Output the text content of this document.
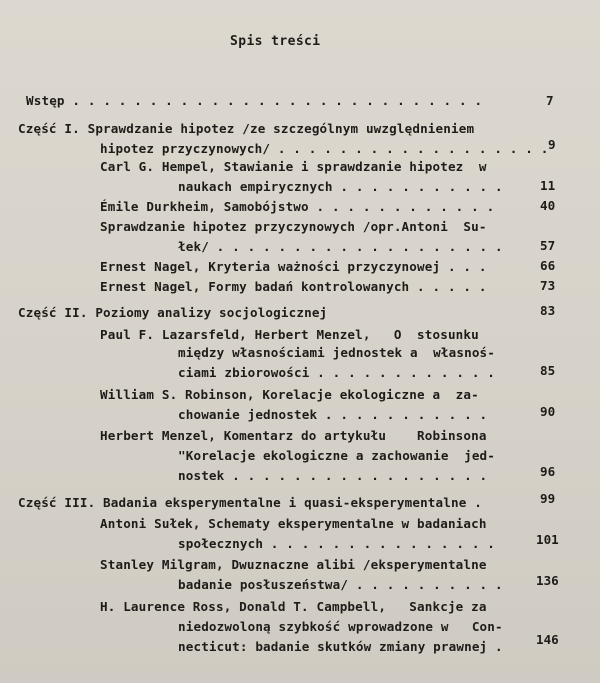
Spis treści
Wstęp . . . . . . . . . . . . . . . . . . . . . . . . . . .	7
Część I. Sprawdzanie hipotez /ze szczególnym uwzględnieniem
hipotez przyczynowych/ . . . . . . . . . . . . . . . . . . 9
Carl G. Hempel, Stawianie i sprawdzanie hipotez  w
naukach empirycznych . . . . . . . . . . .	11
Émile Durkheim, Samobójstwo . . . . . . . . . . . .	40
Sprawdzanie hipotez przyczynowych /opr.Antoni  Su-
łek/ . . . . . . . . . . . . . . . . . . .	57
Ernest Nagel, Kryteria ważności przyczynowej . . .	66
Ernest Nagel, Formy badań kontrolowanych . . . . .	73
Część II. Poziomy analizy socjologicznej	83
Paul F. Lazarsfeld, Herbert Menzel,   O  stosunku
między własnościami jednostek a  własnoś-
ciami zbiorowości . . . . . . . . . . . .	85
William S. Robinson, Korelacje ekologiczne a  za-
chowanie jednostek . . . . . . . . . . .	90
Herbert Menzel, Komentarz do artykułu    Robinsona
"Korelacje ekologiczne a zachowanie  jed-
nostek . . . . . . . . . . . . . . . . .	96
Część III. Badania eksperymentalne i quasi-eksperymentalne .	99
Antoni Sułek, Schematy eksperymentalne w badaniach
społecznych . . . . . . . . . . . . . . .	101
Stanley Milgram, Dwuznaczne alibi /eksperymentalne
badanie posłuszeństwa/ . . . . . . . . . .	136
H. Laurence Ross, Donald T. Campbell,   Sankcje za
niedozwoloną szybkość wprowadzone w   Con-
necticut: badanie skutków zmiany prawnej .	146
